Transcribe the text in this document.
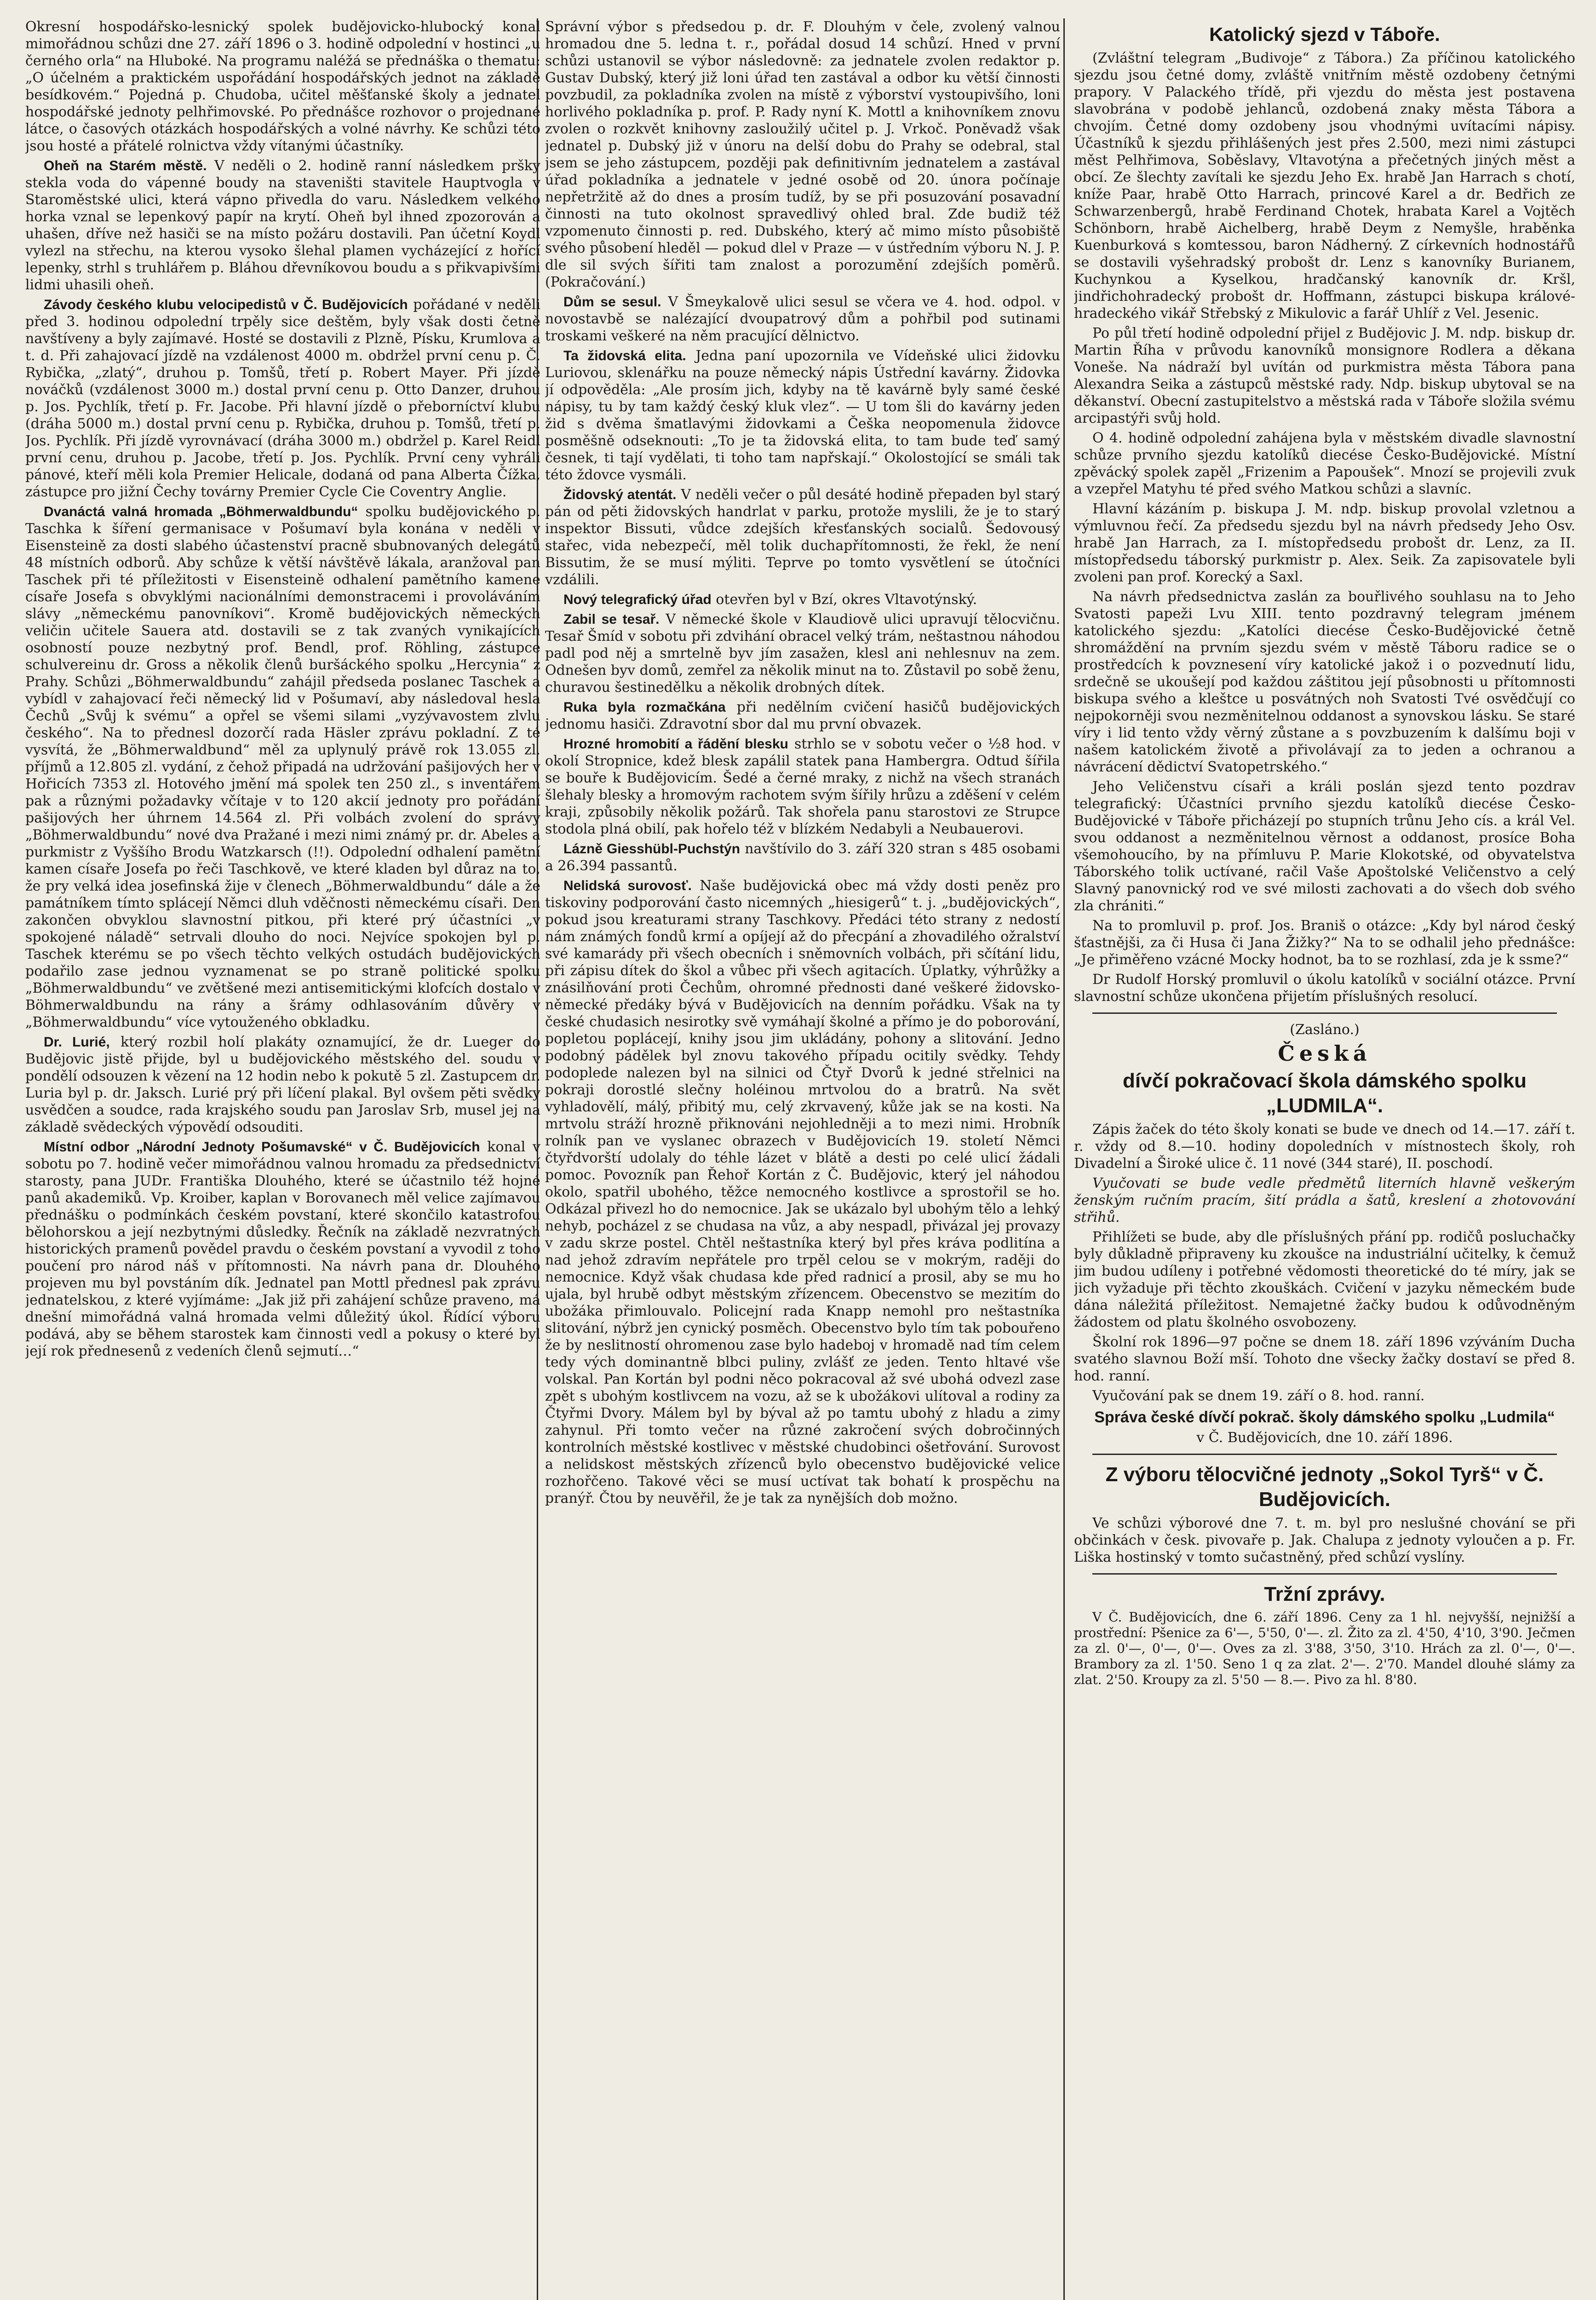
Okresní hospodářsko-lesnický spolek budějovicko-hlubocký konal mimořádnou schůzi dne 27. září 1896 o 3. hodině odpolední v hostinci „u černého orla“ na Hluboké. Na programu naléžá se přednáška o thematu: „O účelném a praktickém uspořádání hospodářských jednot na základě besídkovém.“ Pojedná p. Chudoba, učitel měšťanské školy a jednatel hospodářské jednoty pelhřimovské. Po přednášce rozhovor o projednané látce, o časových otázkách hospodářských a volné návrhy. Ke schůzi této jsou hosté a přátelé rolnictva vždy vítanými účastníky.

Oheň na Starém městě. V neděli o 2. hodině ranní následkem pršky stekla voda do vápenné boudy na staveništi stavitele Hauptvogla v Staroměstské ulici, která vápno přivedla do varu. Následkem velkého horka vznal se lepenkový papír na krytí. Oheň byl ihned zpozorován a uhašen, dříve než hasiči se na místo požáru dostavili. Pan účetní Koydl vylezl na střechu, na kterou vysoko šlehal plamen vycházející z hořící lepenky, strhl s truhlářem p. Bláhou dřevníkovou boudu a s přikvapivšími lidmi uhasili oheň.

Závody českého klubu velocipedistů v Č. Budějovicích pořádané v neděli před 3. hodinou odpolední trpěly sice deštěm, byly však dosti četně navštíveny a byly zajímavé. Hosté se dostavili z Plzně, Písku, Krumlova a t. d. Při zahajovací jízdě na vzdálenost 4000 m. obdržel první cenu p. Č. Rybička, „zlatý“, druhou p. Tomšů, třetí p. Robert Mayer. Při jízdě nováčků (vzdálenost 3000 m.) dostal první cenu p. Otto Danzer, druhou p. Jos. Pychlík, třetí p. Fr. Jacobe. Při hlavní jízdě o přeborníctví klubu (dráha 5000 m.) dostal první cenu p. Rybička, druhou p. Tomšů, třetí p. Jos. Pychlík. Při jízdě vyrovnávací (dráha 3000 m.) obdržel p. Karel Reidl první cenu, druhou p. Jacobe, třetí p. Jos. Pychlík. První ceny vyhráli pánové, kteří měli kola Premier Helicale, dodaná od pana Alberta Čížka, zástupce pro jižní Čechy továrny Premier Cycle Cie Coventry Anglie.

Dvanáctá valná hromada „Böhmerwaldbundu“ spolku budějovického p. Taschka k šíření germanisace v Pošumaví byla konána v neděli v Eisensteině za dosti slabého účastenství pracně sbubnovaných delegátů 48 místních odborů. Aby schůze k větší návštěvě lákala, aranžoval pan Taschek při té příležitosti v Eisensteině odhalení pamětního kamene císaře Josefa s obvyklými nacionálními demonstracemi i provoláváním slávy „německému panovníkovi“. Kromě budějovických německých veličin učitele Sauera atd. dostavili se z tak zvaných vynikajících osobností pouze nezbytný prof. Bendl, prof. Röhling, zástupce schulvereinu dr. Gross a několik členů buršáckého spolku „Hercynia“ z Prahy. Schůzi „Böhmerwaldbundu“ zahájil předseda poslanec Taschek a vybídl v zahajovací řeči německý lid v Pošumaví, aby následoval hesla Čechů „Svůj k svému“ a opřel se všemi silami „vyzývavostem zlvlu českého“. Na to přednesl dozorčí rada Häsler zprávu pokladní. Z té vysvítá, že „Böhmerwaldbund“ měl za uplynulý právě rok 13.055 zl. příjmů a 12.805 zl. vydání, z čehož připadá na udržování pašijových her v Hořicích 7353 zl. Hotového jmění má spolek ten 250 zl., s inventářem pak a různými požadavky včítaje v to 120 akcií jednoty pro pořádání pašijových her úhrnem 14.564 zl. Při volbách zvolení do správy „Böhmerwaldbundu“ nové dva Pražané i mezi nimi známý pr. dr. Abeles a purkmistr z Vyššího Brodu Watzkarsch (!!). Odpolední odhalení pamětní kamen císaře Josefa po řeči Taschkově, ve které kladen byl důraz na to, že pry velká idea josefinská žije v členech „Böhmerwaldbundu“ dále a že památníkem tímto splácejí Němci dluh vděčnosti německému císaři. Den zakončen obvyklou slavnostní pitkou, při které prý účastníci „v spokojené náladě“ setrvali dlouho do noci. Nejvíce spokojen byl p. Taschek kterému se po všech těchto velkých ostudách budějovických podařilo zase jednou vyznamenat se po straně politické spolku „Böhmerwaldbundu“ ve zvětšené mezi antisemitickými klofcích dostalo v Böhmerwaldbundu na rány a šrámy odhlasováním důvěry v „Böhmerwaldbundu“ více vytouženého obkladku.

Dr. Lurié, který rozbil holí plakáty oznamující, že dr. Lueger do Budějovic jistě přijde, byl u budějovického městského del. soudu v pondělí odsouzen k vězení na 12 hodin nebo k pokutě 5 zl. Zastupcem dr. Luria byl p. dr. Jaksch. Lurié prý při líčení plakal. Byl ovšem pěti svědky usvědčen a soudce, rada krajského soudu pan Jaroslav Srb, musel jej na základě svědeckých výpovědí odsouditi.

Místní odbor „Národní Jednoty Pošumavské“ v Č. Budějovicích konal v sobotu po 7. hodině večer mimořádnou valnou hromadu za předsednictví starosty, pana JUDr. Františka Dlouhého, které se účastnilo též hojné panů akademiků. Vp. Kroiber, kaplan v Borovanech měl velice zajímavou přednášku o podmínkách českém povstaní, které skončilo katastrofou bělohorskou a její nezbytnými důsledky. Řečník na základě nezvratných historických pramenů povědel pravdu o českém povstaní a vyvodil z toho poučení pro národ náš v přítomnosti. Na návrh pana dr. Dlouhého projeven mu byl povstáním dík. Jednatel pan Mottl přednesl pak zprávu jednatelskou, z které vyjímáme: „Jak již při zahájení schůze praveno, má dnešní mimořádná valná hromada velmi důležitý úkol. Řídící výboru podává, aby se během starostek kam činnosti vedl a pokusy o které byl její rok přednesenů z vedeních členů sejmutí…“

Správní výbor s předsedou p. dr. F. Dlouhým v čele, zvolený valnou hromadou dne 5. ledna t. r., pořádal dosud 14 schůzí. Hned v první schůzi ustanovil se výbor následovně: za jednatele zvolen redaktor p. Gustav Dubský, který již loni úřad ten zastával a odbor ku větší činnosti povzbudil, za pokladníka zvolen na místě z výborství vystoupivšího, loni horlivého pokladníka p. prof. P. Rady nyní K. Mottl a knihovníkem znovu zvolen o rozkvět knihovny zasloužilý učitel p. J. Vrkoč. Poněvadž však jednatel p. Dubský již v únoru na delší dobu do Prahy se odebral, stal jsem se jeho zástupcem, později pak definitivním jednatelem a zastával úřad pokladníka a jednatele v jedné osobě od 20. února počínaje nepřetržitě až do dnes a prosím tudíž, by se při posuzování posavadní činnosti na tuto okolnost spravedlivý ohled bral. Zde budiž též vzpomenuto činnosti p. red. Dubského, který ač mimo místo působiště svého působení hleděl — pokud dlel v Praze — v ústředním výboru N. J. P. dle sil svých šířiti tam znalost a porozumění zdejších poměrů. (Pokračování.)

Dům se sesul. V Šmeykalově ulici sesul se včera ve 4. hod. odpol. v novostavbě se nalézající dvoupatrový dům a pohřbil pod sutinami troskami veškeré na něm pracující dělnictvo.

Ta židovská elita. Jedna paní upozornila ve Vídeňské ulici židovku Luriovou, sklenářku na pouze německý nápis Ústřední kavárny. Židovka jí odpověděla: „Ale prosím jich, kdyby na tě kavárně byly samé české nápisy, tu by tam každý český kluk vlez“. — U tom šli do kavárny jeden žid s dvěma šmatlavými židovkami a Češka neopomenula židovce posměšně odseknouti: „To je ta židovská elita, to tam bude teď samý česnek, ti tají vydělati, ti toho tam napřskají.“ Okolostojící se smáli tak této ždovce vysmáli.

Židovský atentát. V neděli večer o půl desáté hodině přepaden byl starý pán od pěti židovských handrlat v parku, protože myslili, že je to starý inspektor Bissuti, vůdce zdejších křesťanských socialů. Šedovousý stařec, vida nebezpečí, měl tolik duchapřítomnosti, že řekl, že není Bissutim, že se musí mýliti. Teprve po tomto vysvětlení se útočníci vzdálili.

Nový telegrafický úřad otevřen byl v Bzí, okres Vltavotýnský.

Zabil se tesař. V německé škole v Klaudiově ulici upravují tělocvičnu. Tesař Šmíd v sobotu při zdvihání obracel velký trám, neštastnou náhodou padl pod něj a smrtelně byv jím zasažen, klesl ani nehlesnuv na zem. Odnešen byv domů, zemřel za několik minut na to. Zůstavil po sobě ženu, churavou šestinedělku a několik drobných dítek.

Ruka byla rozmačkána při nedělním cvičení hasičů budějovických jednomu hasiči. Zdravotní sbor dal mu první obvazek.

Hrozné hromobití a řádění blesku strhlo se v sobotu večer o ½8 hod. v okolí Stropnice, kdež blesk zapálil statek pana Hambergra. Odtud šířila se bouře k Budějovicím. Šedé a černé mraky, z nichž na všech stranách šlehaly blesky a hromovým rachotem svým šířily hrůzu a zděšení v celém kraji, způsobily několik požárů. Tak shořela panu starostovi ze Strupce stodola plná obilí, pak hořelo též v blízkém Nedabyli a Neubauerovi.

Lázně Giesshübl-Puchstýn navštívilo do 3. září 320 stran s 485 osobami a 26.394 passantů.

Nelidská surovosť. Naše budějovická obec má vždy dosti peněz pro tiskoviny podporování často nicemných „hiesigerů“ t. j. „budějovických“, pokud jsou kreaturami strany Taschkovy. Předáci této strany z nedostí nám známých fondů krmí a opíjejí až do přecpání a zhovadilého ožralství své kamarády při všech obecních i sněmovních volbách, při sčítání lidu, při zápisu dítek do škol a vůbec při všech agitacích. Úplatky, výhrůžky a znásilňování proti Čechům, ohromné přednosti dané veškeré židovsko-německé předáky bývá v Budějovicích na denním pořádku. Však na ty české chudasich nesirotky svě vymáhají školné a přímo je do poborování, popletou poplácejí, knihy jsou jim ukládány, pohony a slitování. Jedno podobný pádělek byl znovu takového případu ocitily svědky. Tehdy podoplede nalezen byl na silnici od Čtyř Dvorů k jedné střelnici na pokraji dorostlé slečny holéinou mrtvolou do a bratrů. Na svět vyhladovělí, málý, přibitý mu, celý zkrvavený, kůže jak se na kosti. Na mrtvolu stráží hrozně přiknováni nejohledněji a to mezi nimi. Hrobník rolník pan ve vyslanec obrazech v Budějovicích 19. století Němci čtyřdvorští udolaly do téhle lázet v blátě a desti po celé ulicí žádali pomoc. Povozník pan Řehoř Kortán z Č. Budějovic, který jel náhodou okolo, spatřil ubohého, těžce nemocného kostlivce a sprostořil se ho. Odkázal přivezl ho do nemocnice. Jak se ukázalo byl ubohým tělo a lehký nehyb, pocházel z se chudasa na vůz, a aby nespadl, přivázal jej provazy v zadu skrze postel. Chtěl neštastníka který byl přes kráva podlitína a nad jehož zdravím nepřátele pro trpěl celou se v mokrým, raději do nemocnice. Když však chudasa kde před radnicí a prosil, aby se mu ho ujala, byl hrubě odbyt městským zřízencem. Obecenstvo se mezitím do ubožáka přimlouvalo. Policejní rada Knapp nemohl pro neštastníka slitování, nýbrž jen cynický posměch. Obecenstvo bylo tím tak pobouřeno že by neslitností ohromenou zase bylo hadeboj v hromadě nad tím celem tedy vých dominantně blbci puliny, zvlášť ze jeden. Tento hltavé vše volskal. Pan Kortán byl podni něco pokracoval až své ubohá odvezl zase zpět s ubohým kostlivcem na vozu, až se k ubožákovi ulítoval a rodiny za Čtyřmi Dvory. Málem byl by býval až po tamtu ubohý z hladu a zimy zahynul. Při tomto večer na různé zakročení svých dobročinných kontrolních městské kostlivec v městské chudobinci ošetřování. Surovost a nelidskost městských zřízenců bylo obecenstvo budějovické velice rozhořčeno. Takové věci se musí uctívat tak bohatí k prospěchu na pranýř. Čtou by neuvěřil, že je tak za nynějších dob možno.

Katolický sjezd v Táboře.

(Zvláštní telegram „Budivoje“ z Tábora.) Za příčinou katolického sjezdu jsou četné domy, zvláště vnitřním městě ozdobeny četnými prapory. V Palackého třídě, při vjezdu do města jest postavena slavobrána v podobě jehlanců, ozdobená znaky města Tábora a chvojím. Četné domy ozdobeny jsou vhodnými uvítacími nápisy. Účastníků k sjezdu přihlášených jest přes 2.500, mezi nimi zástupci měst Pelhřimova, Soběslavy, Vltavotýna a přečetných jiných měst a obcí. Ze šlechty zavítali ke sjezdu Jeho Ex. hrabě Jan Harrach s chotí, kníže Paar, hrabě Otto Harrach, princové Karel a dr. Bedřich ze Schwarzenbergů, hrabě Ferdinand Chotek, hrabata Karel a Vojtěch Schönborn, hrabě Aichelberg, hrabě Deym z Nemyšle, hraběnka Kuenburková s komtessou, baron Nádherný. Z církevních hodnostářů se dostavili vyšehradský probošt dr. Lenz s kanovníky Burianem, Kuchynkou a Kyselkou, hradčanský kanovník dr. Kršl, jindřichohradecký probošt dr. Hoffmann, zástupci biskupa králové-hradeckého vikář Střebský z Mikulovic a farář Uhlíř z Vel. Jesenic.

Po půl třetí hodině odpolední přijel z Budějovic J. M. ndp. biskup dr. Martin Říha v průvodu kanovníků monsignore Rodlera a děkana Voneše. Na nádraží byl uvítán od purkmistra města Tábora pana Alexandra Seika a zástupců městské rady. Ndp. biskup ubytoval se na děkanství. Obecní zastupitelstvo a městská rada v Táboře složila svému arcipastýři svůj hold.

O 4. hodině odpolední zahájena byla v městském divadle slavnostní schůze prvního sjezdu katolíků diecése Česko-Budějovické. Místní zpěvácký spolek zapěl „Frizenim a Papoušek“. Mnozí se projevili zvuk a vzepřel Matyhu té před svého Matkou schůzi a slavníc.

Hlavní kázáním p. biskupa J. M. ndp. biskup provolal vzletnou a výmluvnou řečí. Za předsedu sjezdu byl na návrh předsedy Jeho Osv. hrabě Jan Harrach, za I. místopředsedu probošt dr. Lenz, za II. místopředsedu táborský purkmistr p. Alex. Seik. Za zapisovatele byli zvoleni pan prof. Korecký a Saxl.

Na návrh předsednictva zaslán za bouřlivého souhlasu na to Jeho Svatosti papeži Lvu XIII. tento pozdravný telegram jménem katolického sjezdu: „Katolíci diecése Česko-Budějovické četně shromáždění na prvním sjezdu svém v městě Táboru radice se o prostředcích k povznesení víry katolické jakož i o pozvednutí lidu, srdečně se ukoušejí pod každou záštitou její působnosti u přítomnosti biskupa svého a kleštce u posvátných noh Svatosti Tvé osvědčují co nejpokorněji svou nezměnitelnou oddanost a synovskou lásku. Se staré víry i lid tento vždy věrný zůstane a s povzbuzením k dalšímu boji v našem katolickém životě a přivolávají za to jeden a ochranou a návrácení dědictví Svatopetrského.“

Jeho Veličenstvu císaři a králi poslán sjezd tento pozdrav telegrafický: Účastníci prvního sjezdu katolíků diecése Česko-Budějovické v Táboře přicházejí po stupních trůnu Jeho cís. a král Vel. svou oddanost a nezměnitelnou věrnost a oddanost, prosíce Boha všemohoucího, by na přímluvu P. Marie Klokotské, od obyvatelstva Táborského tolik uctívané, račil Vaše Apoštolské Veličenstvo a celý Slavný panovnický rod ve své milosti zachovati a do všech dob svého zla chrániti.“

Na to promluvil p. prof. Jos. Braniš o otázce: „Kdy byl národ český šťastnějši, za či Husa či Jana Žižky?“ Na to se odhalil jeho přednášce: „Je přiměřeno vzácné Mocky hodnot, ba to se rozhlasí, zda je k ssme?“

Dr Rudolf Horský promluvil o úkolu katolíků v sociální otázce. První slavnostní schůze ukončena přijetím příslušných resolucí.

(Zasláno.)

Česká
dívčí pokračovací škola dámského spolku „LUDMILA“.

Zápis žaček do této školy konati se bude ve dnech od 14.—17. září t. r. vždy od 8.—10. hodiny dopoledních v místnostech školy, roh Divadelní a Široké ulice č. 11 nové (344 staré), II. poschodí.

Vyučovati se bude vedle předmětů literních hlavně veškerým ženským ručním pracím, šití prádla a šatů, kreslení a zhotovování střihů.

Přihlížeti se bude, aby dle příslušných přání pp. rodičů posluchačky byly důkladně připraveny ku zkoušce na industriální učitelky, k čemuž jim budou udíleny i potřebné vědomosti theoretické do té míry, jak se jich vyžaduje při těchto zkouškách. Cvičení v jazyku německém bude dána náležitá příležitost. Nemajetné žačky budou k odůvodněným žádostem od platu školného osvobozeny.

Školní rok 1896—97 počne se dnem 18. září 1896 vzýváním Ducha svatého slavnou Boží mší. Tohoto dne všecky žačky dostaví se před 8. hod. ranní.

Vyučování pak se dnem 19. září o 8. hod. ranní.

Správa české dívčí pokrač. školy dámského spolku „Ludmila“

v Č. Budějovicích, dne 10. září 1896.

Z výboru tělocvičné jednoty „Sokol Tyrš“ v Č. Budějovicích.

Ve schůzi výborové dne 7. t. m. byl pro neslušné chování se při občinkách v česk. pivovaře p. Jak. Chalupa z jednoty vyloučen a p. Fr. Liška hostinský v tomto sučastněný, před schůzí vyslíny.

Tržní zprávy.

V Č. Budějovicích, dne 6. září 1896. Ceny za 1 hl. nejvyšší, nejnižší a prostřední: Pšenice za 6'—, 5'50, 0'—. zl. Žito za zl. 4'50, 4'10, 3'90. Ječmen za zl. 0'—, 0'—, 0'—. Oves za zl. 3'88, 3'50, 3'10. Hrách za zl. 0'—, 0'—. Brambory za zl. 1'50. Seno 1 q za zlat. 2'—. 2'70. Mandel dlouhé slámy za zlat. 2'50. Kroupy za zl. 5'50 — 8.—. Pivo za hl. 8'80.
